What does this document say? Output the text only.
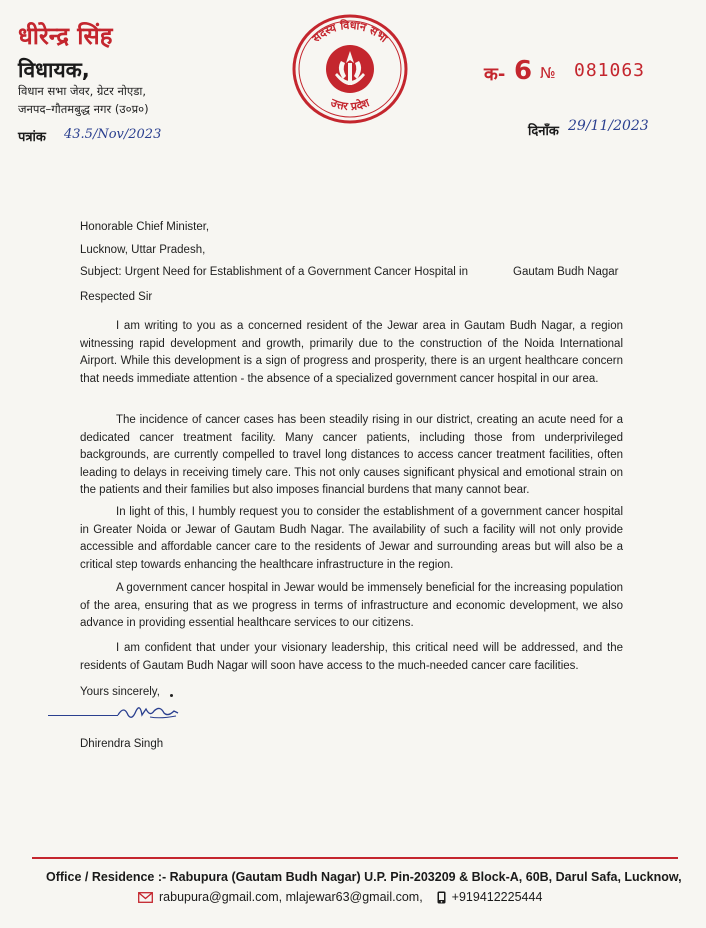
धीरेन्द्र सिंह
विधायक,
विधान सभा जेवर, ग्रेटर नोएडा,
जनपद–गौतमबुद्ध नगर (उ०प्र०)
पत्रांक 43.5/Nov/2023
सदस्य विधान सभा
उत्तर प्रदेश
क- 6 № 081063
दिनाँक 29/11/2023
Honorable Chief Minister,
Lucknow, Uttar Pradesh,
Subject: Urgent Need for Establishment of a Government Cancer Hospital in	Gautam Budh Nagar
Respected Sir
I am writing to you as a concerned resident of the Jewar area in Gautam Budh Nagar, a region witnessing rapid development and growth, primarily due to the construction of the Noida International Airport. While this development is a sign of progress and prosperity, there is an urgent healthcare concern that needs immediate attention - the absence of a specialized government cancer hospital in our area.
The incidence of cancer cases has been steadily rising in our district, creating an acute need for a dedicated cancer treatment facility. Many cancer patients, including those from underprivileged backgrounds, are currently compelled to travel long distances to access cancer treatment facilities, often leading to delays in receiving timely care. This not only causes significant physical and emotional strain on the patients and their families but also imposes financial burdens that many cannot bear.
In light of this, I humbly request you to consider the establishment of a government cancer hospital in Greater Noida or Jewar of Gautam Budh Nagar. The availability of such a facility will not only provide accessible and affordable cancer care to the residents of Jewar and surrounding areas but will also be a critical step towards enhancing the healthcare infrastructure in the region.
A government cancer hospital in Jewar would be immensely beneficial for the increasing population of the area, ensuring that as we progress in terms of infrastructure and economic development, we also advance in providing essential healthcare services to our citizens.
I am confident that under your visionary leadership, this critical need will be addressed, and the residents of Gautam Budh Nagar will soon have access to the much-needed cancer care facilities.
Yours sincerely,
Dhirendra Singh
Office / Residence :- Rabupura (Gautam Budh Nagar) U.P. Pin-203209 & Block-A, 60B, Darul Safa, Lucknow,
rabupura@gmail.com, mlajewar63@gmail.com, +919412225444
